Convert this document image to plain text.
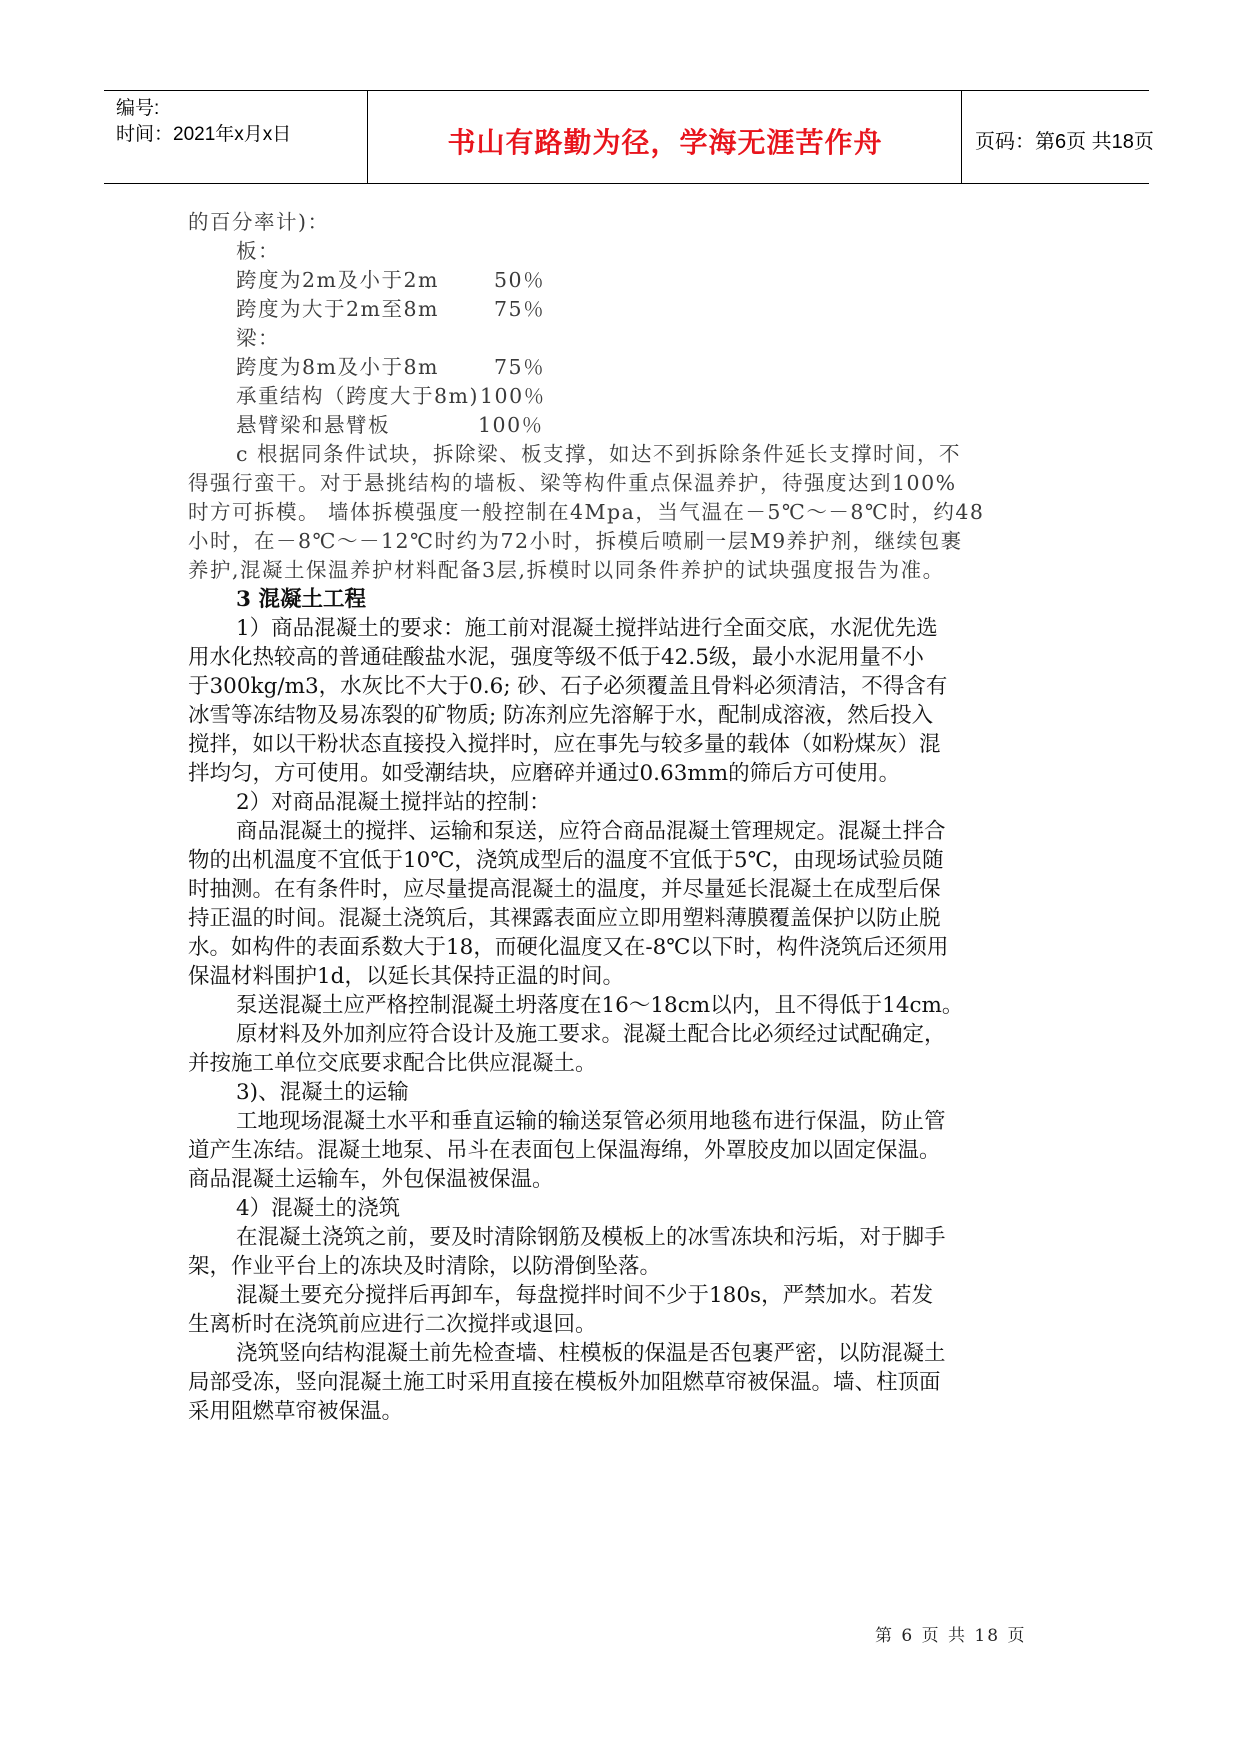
编号:
时间：2021年x月x日	书山有路勤为径，学海无涯苦作舟	页码：第6页 共18页
的百分率计)：
板：
跨度为2m及小于2m	50％
跨度为大于2m至8m	75％
梁：
跨度为8m及小于8m	75％
承重结构（跨度大于8m) 100％
悬臂梁和悬臂板	100％
c 根据同条件试块，拆除梁、板支撑，如达不到拆除条件延长支撑时间，不
得强行蛮干。对于悬挑结构的墙板、梁等构件重点保温养护，待强度达到100%
时方可拆模。 墙体拆模强度一般控制在4Mpa，当气温在－5℃～－8℃时，约48
小时，在－8℃～－12℃时约为72小时，拆模后喷刷一层M9养护剂，继续包裹
养护,混凝土保温养护材料配备3层,拆模时以同条件养护的试块强度报告为准。
3 混凝土工程
1）商品混凝土的要求：施工前对混凝土搅拌站进行全面交底，水泥优先选
用水化热较高的普通硅酸盐水泥，强度等级不低于42.5级，最小水泥用量不小
于300kg/m3，水灰比不大于0.6; 砂、石子必须覆盖且骨料必须清洁，不得含有
冰雪等冻结物及易冻裂的矿物质; 防冻剂应先溶解于水，配制成溶液，然后投入
搅拌，如以干粉状态直接投入搅拌时，应在事先与较多量的载体（如粉煤灰）混
拌均匀，方可使用。如受潮结块，应磨碎并通过0.63mm的筛后方可使用。
2）对商品混凝土搅拌站的控制：
商品混凝土的搅拌、运输和泵送，应符合商品混凝土管理规定。混凝土拌合
物的出机温度不宜低于10℃，浇筑成型后的温度不宜低于5℃，由现场试验员随
时抽测。在有条件时，应尽量提高混凝土的温度，并尽量延长混凝土在成型后保
持正温的时间。混凝土浇筑后，其裸露表面应立即用塑料薄膜覆盖保护以防止脱
水。如构件的表面系数大于18，而硬化温度又在-8℃以下时，构件浇筑后还须用
保温材料围护1d，以延长其保持正温的时间。
泵送混凝土应严格控制混凝土坍落度在16～18cm以内，且不得低于14cm。
原材料及外加剂应符合设计及施工要求。混凝土配合比必须经过试配确定，
并按施工单位交底要求配合比供应混凝土。
3)、混凝土的运输
工地现场混凝土水平和垂直运输的输送泵管必须用地毯布进行保温，防止管
道产生冻结。混凝土地泵、吊斗在表面包上保温海绵，外罩胶皮加以固定保温。
商品混凝土运输车，外包保温被保温。
4）混凝土的浇筑
在混凝土浇筑之前，要及时清除钢筋及模板上的冰雪冻块和污垢，对于脚手
架，作业平台上的冻块及时清除，以防滑倒坠落。
混凝土要充分搅拌后再卸车，每盘搅拌时间不少于180s，严禁加水。若发
生离析时在浇筑前应进行二次搅拌或退回。
浇筑竖向结构混凝土前先检查墙、柱模板的保温是否包裹严密，以防混凝土
局部受冻，竖向混凝土施工时采用直接在模板外加阻燃草帘被保温。墙、柱顶面
采用阻燃草帘被保温。
第 6 页 共 18 页
